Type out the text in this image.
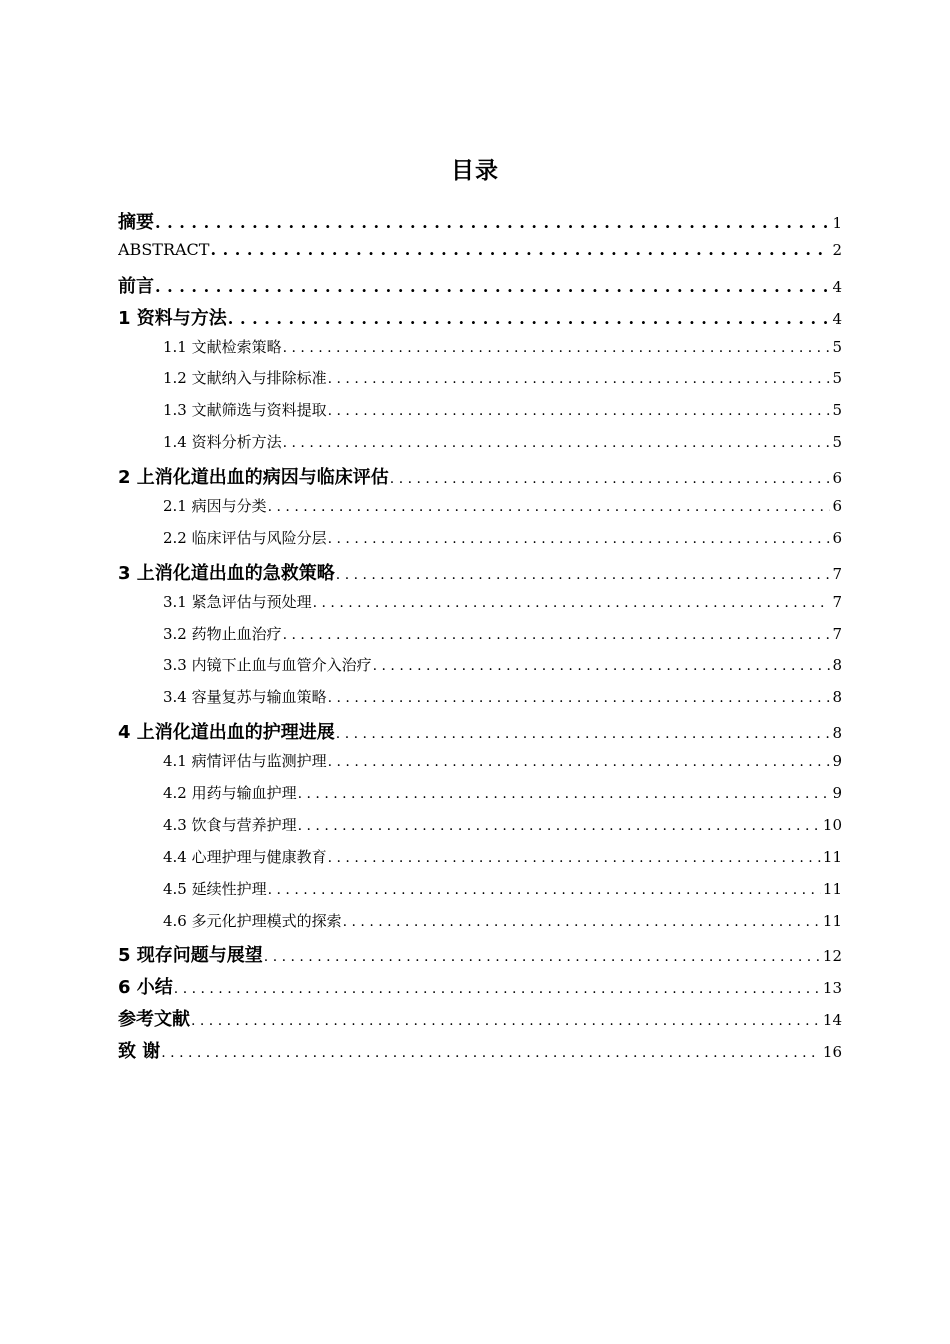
目录
摘要 . . .	1
ABSTRACT . . .	2
前言 . . .	4
1 资料与方法 . . .	4
1.1 文献检索策略 . . .	5
1.2 文献纳入与排除标准 . . .	5
1.3 文献筛选与资料提取 . . .	5
1.4 资料分析方法 . . .	5
2 上消化道出血的病因与临床评估 . . .	6
2.1 病因与分类 . . .	6
2.2 临床评估与风险分层 . . .	6
3 上消化道出血的急救策略 . . .	7
3.1 紧急评估与预处理 . . .	7
3.2 药物止血治疗 . . .	7
3.3 内镜下止血与血管介入治疗 . . .	8
3.4 容量复苏与输血策略 . . .	8
4 上消化道出血的护理进展 . . .	8
4.1 病情评估与监测护理 . . .	9
4.2 用药与输血护理 . . .	9
4.3 饮食与营养护理 . . .	10
4.4 心理护理与健康教育 . . .	11
4.5 延续性护理 . . .	11
4.6 多元化护理模式的探索 . . .	11
5 现存问题与展望 . . .	12
6 小结 . . .	13
参考文献 . . .	14
致 谢 . . .	16
